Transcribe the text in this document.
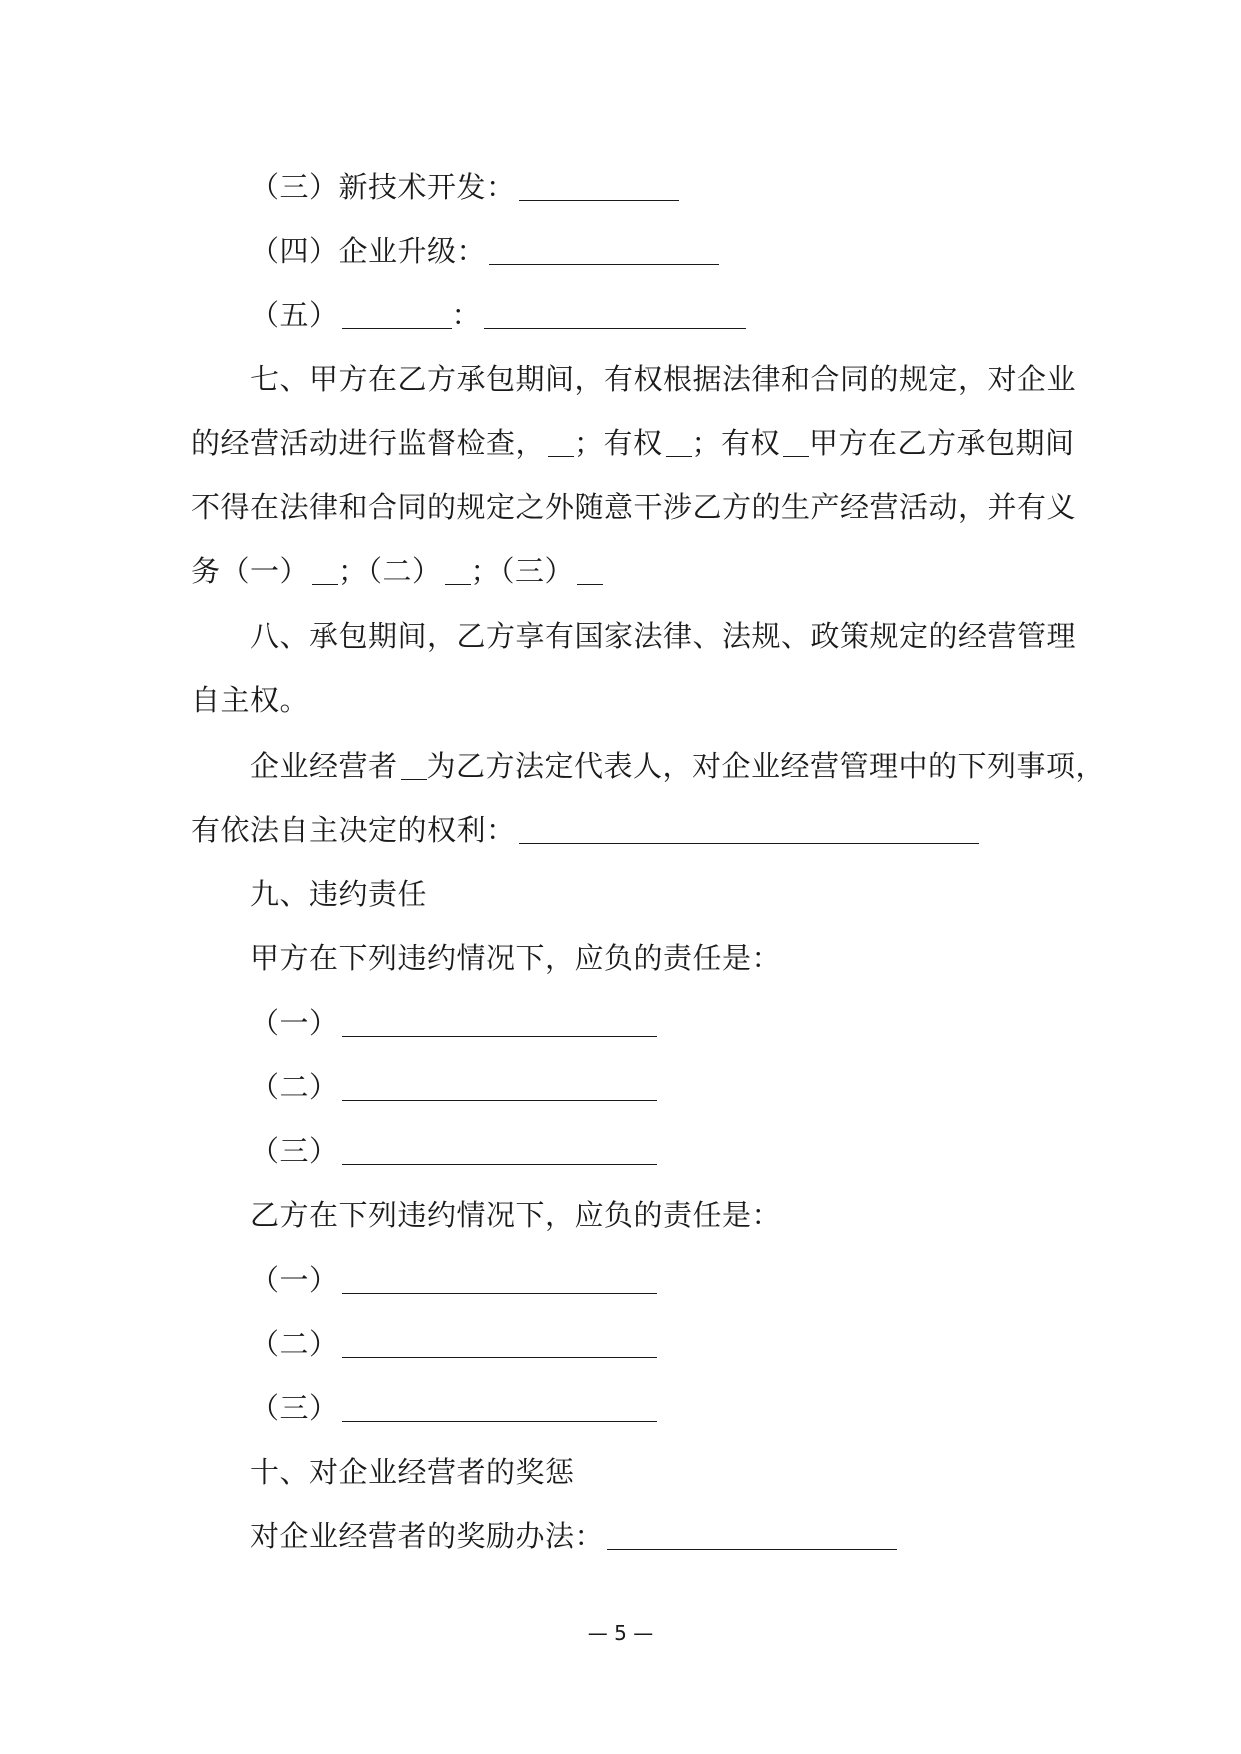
（三）新技术开发：
（四）企业升级：
（五）	：
七、甲方在乙方承包期间，有权根据法律和合同的规定，对企业
的经营活动进行监督检查， ；有权 ；有权 甲方在乙方承包期间
不得在法律和合同的规定之外随意干涉乙方的生产经营活动，并有义
务（一） ；（二） ；（三）
八、承包期间，乙方享有国家法律、法规、政策规定的经营管理
自主权。
企业经营者 为乙方法定代表人，对企业经营管理中的下列事项，
有依法自主决定的权利：
九、违约责任
甲方在下列违约情况下，应负的责任是：
（一）
（二）
（三）
乙方在下列违约情况下，应负的责任是：
（一）
（二）
（三）
十、对企业经营者的奖惩
对企业经营者的奖励办法：
— 5 —
